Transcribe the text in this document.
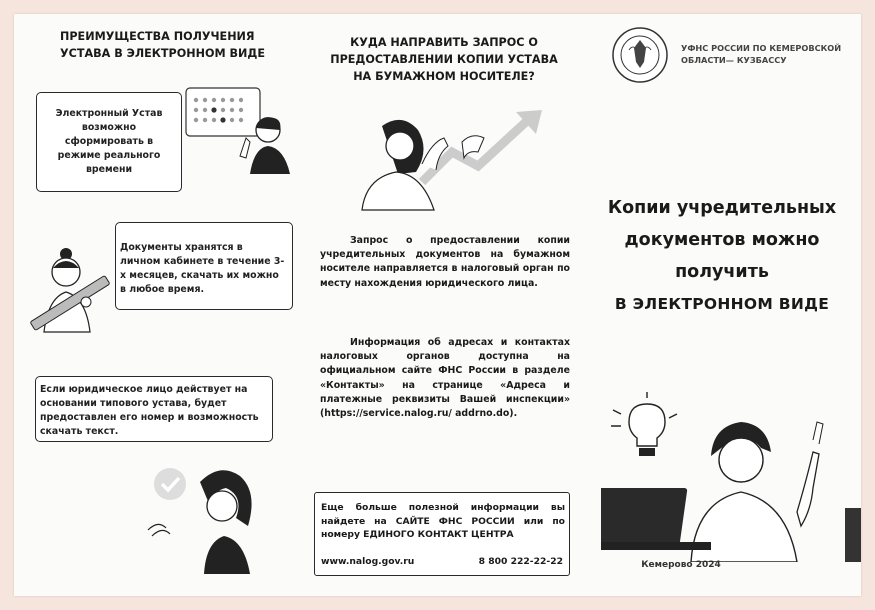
ПРЕИМУЩЕСТВА ПОЛУЧЕНИЯ УСТАВА В ЭЛЕКТРОННОМ ВИДЕ
Электронный Устав возможно сформировать в режиме реального времени
Документы хранятся в личном кабинете в течение 3-х месяцев, скачать их можно в любое время.
Если юридическое лицо действует на основании типового устава, будет предоставлен его номер и возможность скачать текст.
КУДА НАПРАВИТЬ ЗАПРОС О ПРЕДОСТАВЛЕНИИ КОПИИ УСТАВА НА БУМАЖНОМ НОСИТЕЛЕ?
Запрос о предоставлении копии учредительных документов на бумажном носителе направляется в налоговый орган по месту нахождения юридического лица.
Информация об адресах и контактах налоговых органов доступна на официальном сайте ФНС России в разделе «Контакты» на странице «Адреса и платежные реквизиты Вашей инспекции» (https://service.nalog.ru/ addrno.do).
Еще больше полезной информации вы найдете на САЙТЕ ФНС РОССИИ или по номеру ЕДИНОГО КОНТАКТ ЦЕНТРА
www.nalog.gov.ru	8 800 222-22-22
УФНС РОССИИ ПО КЕМЕРОВСКОЙ
ОБЛАСТИ— КУЗБАССУ
Копии учредительных
документов можно
получить
В ЭЛЕКТРОННОМ ВИДЕ
Кемерово 2024
